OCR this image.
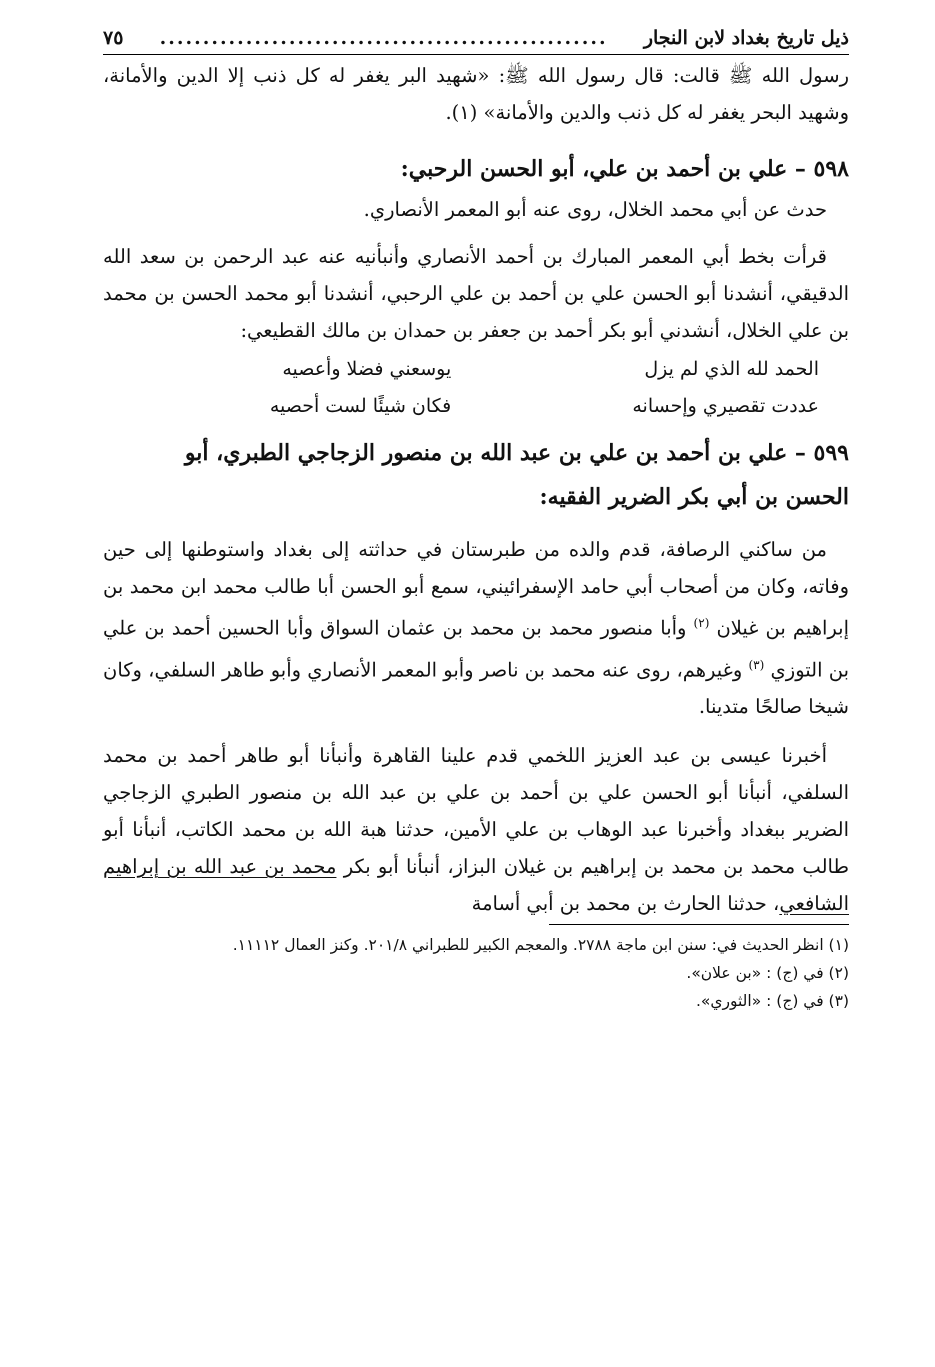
ذيل تاريخ بغداد لابن النجار
....................................................
٧٥

رسول الله ﷺ قالت: قال رسول الله ﷺ: «شهيد البر يغفر له كل ذنب إلا الدين والأمانة، وشهيد البحر يغفر له كل ذنب والدين والأمانة» (١).

٥٩٨ – علي بن أحمد بن علي، أبو الحسن الرحبي:

حدث عن أبي محمد الخلال، روى عنه أبو المعمر الأنصاري.

قرأت بخط أبي المعمر المبارك بن أحمد الأنصاري وأنبأنيه عنه عبد الرحمن بن سعد الله الدقيقي، أنشدنا أبو الحسن علي بن أحمد بن علي الرحبي، أنشدنا أبو محمد الحسن بن محمد بن علي الخلال، أنشدني أبو بكر أحمد بن جعفر بن حمدان بن مالك القطيعي:

الحمد لله الذي لم يزل
يوسعني فضلا وأعصيه
عددت تقصيري وإحسانه
فكان شيئًا لست أحصيه

٥٩٩ – علي بن أحمد بن علي بن عبد الله بن منصور الزجاجي الطبري، أبو

الحسن بن أبي بكر الضرير الفقيه:

من ساكني الرصافة، قدم والده من طبرستان في حداثته إلى بغداد واستوطنها إلى حين وفاته، وكان من أصحاب أبي حامد الإسفرائيني، سمع أبو الحسن أبا طالب محمد ابن محمد بن إبراهيم بن غيلان $^{(٢)}$ وأبا منصور محمد بن محمد بن عثمان السواق وأبا الحسين أحمد بن علي بن التوزي $^{(٣)}$ وغيرهم، روى عنه محمد بن ناصر وأبو المعمر الأنصاري وأبو طاهر السلفي، وكان شيخا صالحًا متدينا.

أخبرنا عيسى بن عبد العزيز اللخمي قدم علينا القاهرة وأنبأنا أبو طاهر أحمد بن محمد السلفي، أنبأنا أبو الحسن علي بن أحمد بن علي بن عبد الله بن منصور الطبري الزجاجي الضرير ببغداد وأخبرنا عبد الوهاب بن علي الأمين، حدثنا هبة الله بن محمد الكاتب، أنبأنا أبو طالب محمد بن محمد بن إبراهيم بن غيلان البزاز، أنبأنا أبو بكر محمد بن عبد الله بن إبراهيم الشافعي، حدثنا الحارث بن محمد بن أبي أسامة

(١) انظر الحديث في: سنن ابن ماجة ٢٧٨٨. والمعجم الكبير للطبراني ٢٠١/٨. وكنز العمال ١١١١٢.

(٢) في (ج) : «بن علان».

(٣) في (ج) : «الثوري».
